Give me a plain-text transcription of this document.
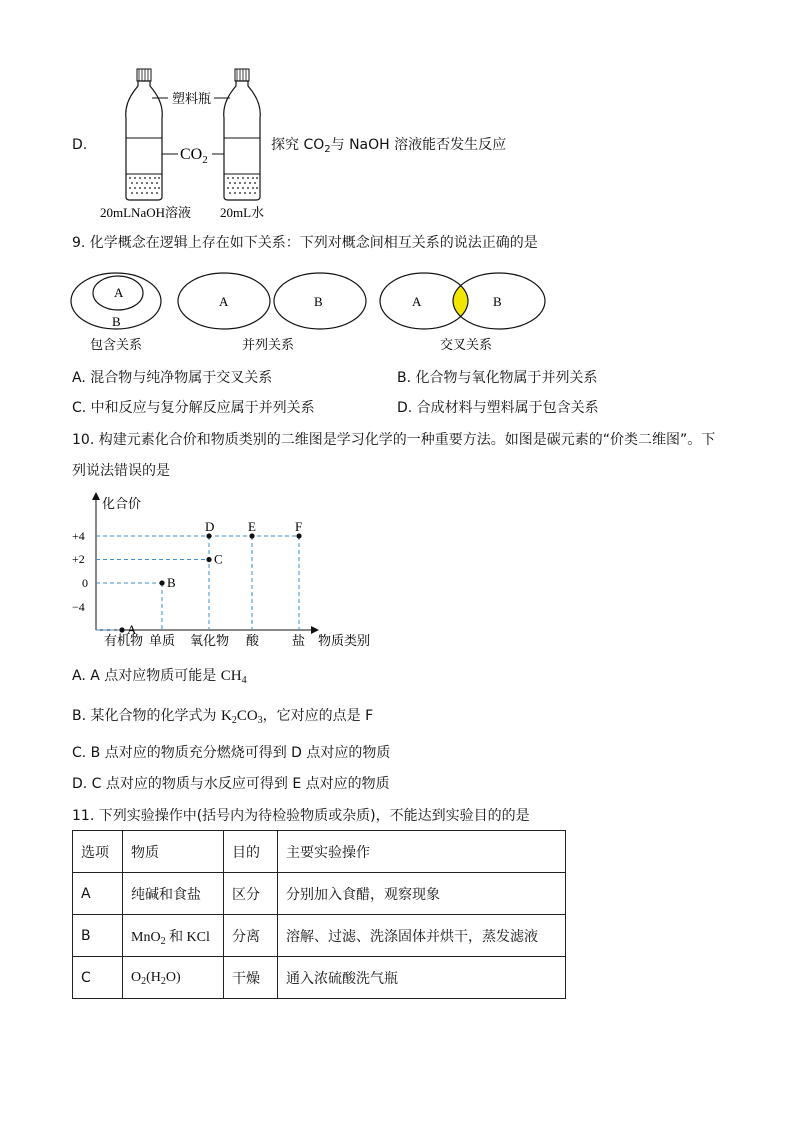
D.
塑料瓶
$CO_2$
20mLNaOH溶液 20mL水
探究 $CO_2$与 NaOH 溶液能否发生反应
9. 化学概念在逻辑上存在如下关系：下列对概念间相互关系的说法正确的是
A
B
包含关系
A	B
并列关系
A	B
交叉关系
A. 混合物与纯净物属于交叉关系	B. 化合物与氧化物属于并列关系
C. 中和反应与复分解反应属于并列关系	D. 合成材料与塑料属于包含关系
10. 构建元素化合价和物质类别的二维图是学习化学的一种重要方法。如图是碳元素的“价类二维图”。下
列说法错误的是
化合价
物质类别
+4
+2
0
−4
有机物 单质 氧化物 酸	盐
A
B
C
D	E	F
A. A 点对应物质可能是 $CH_4$
B. 某化合物的化学式为 $K_2CO_3$，它对应的点是 F
C. B 点对应的物质充分燃烧可得到 D 点对应的物质
D. C 点对应的物质与水反应可得到 E 点对应的物质
11. 下列实验操作中(括号内为待检验物质或杂质)，不能达到实验目的的是
选项	物质	目的	主要实验操作
A	纯碱和食盐	区分	分别加入食醋，观察现象
B	MnO$_2$ 和 KCl	分离	溶解、过滤、洗涤固体并烘干，蒸发滤液
C	$O_2(H_2O)$	干燥	通入浓硫酸洗气瓶
